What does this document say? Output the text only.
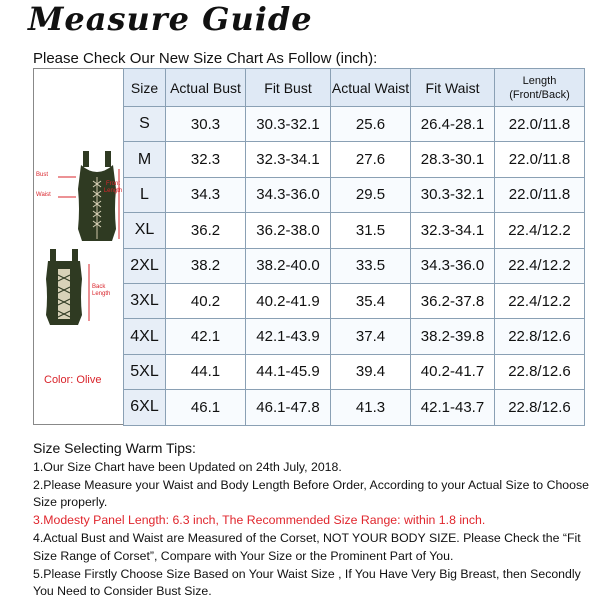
Measure Guide
Please Check Our New Size Chart As Follow (inch):
Bust
Waist
Front Length
Back Length
Color: Olive
Size	Actual Bust	Fit Bust	Actual Waist	Fit Waist	Length
(Front/Back)

S	30.3	30.3-32.1	25.6	26.4-28.1	22.0/11.8
M	32.3	32.3-34.1	27.6	28.3-30.1	22.0/11.8
L	34.3	34.3-36.0	29.5	30.3-32.1	22.0/11.8
XL	36.2	36.2-38.0	31.5	32.3-34.1	22.4/12.2
2XL	38.2	38.2-40.0	33.5	34.3-36.0	22.4/12.2
3XL	40.2	40.2-41.9	35.4	36.2-37.8	22.4/12.2
4XL	42.1	42.1-43.9	37.4	38.2-39.8	22.8/12.6
5XL	44.1	44.1-45.9	39.4	40.2-41.7	22.8/12.6
6XL	46.1	46.1-47.8	41.3	42.1-43.7	22.8/12.6
Size Selecting Warm Tips:
1.Our Size Chart have been Updated on 24th July, 2018.
2.Please Measure your Waist and Body Length Before Order, According to your Actual Size to Choose Size properly.
3.Modesty Panel Length: 6.3 inch, The Recommended Size Range: within 1.8 inch.
4.Actual Bust and Waist are Measured of the Corset, NOT YOUR BODY SIZE. Please Check the “Fit Size Range of Corset”, Compare with Your Size or the Prominent Part of You.
5.Please Firstly Choose Size Based on Your Waist Size , If You Have Very Big Breast, then Secondly You Need to Consider Bust Size.
